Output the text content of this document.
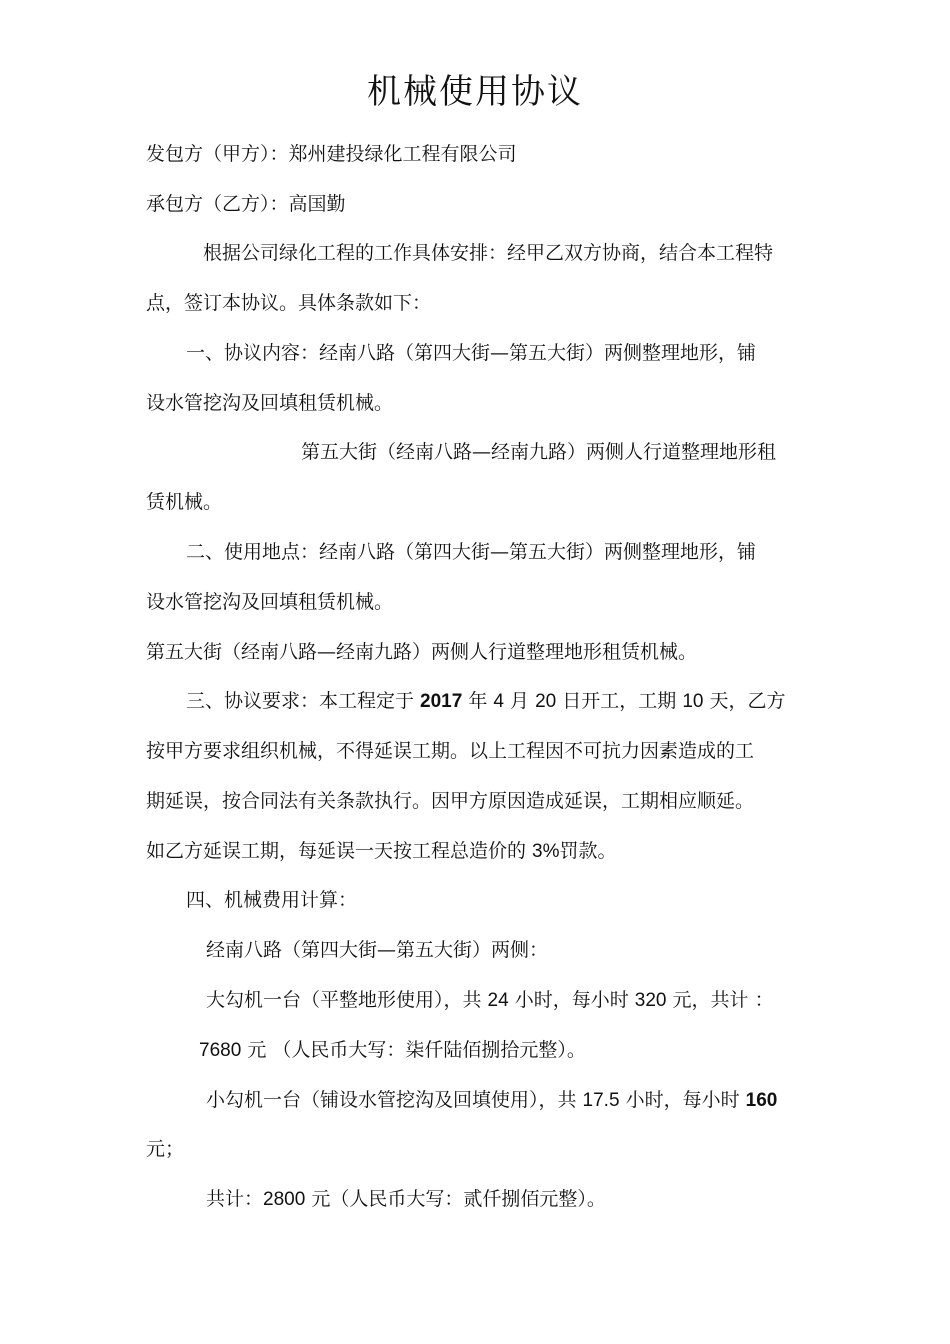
机械使用协议
发包方（甲方）：郑州建投绿化工程有限公司
承包方（乙方）：高国勤
根据公司绿化工程的工作具体安排：经甲乙双方协商，结合本工程特
点，签订本协议。具体条款如下：
一、协议内容：经南八路（第四大街—第五大街）两侧整理地形，铺
设水管挖沟及回填租赁机械。
第五大街（经南八路—经南九路）两侧人行道整理地形租
赁机械。
二、使用地点：经南八路（第四大街—第五大街）两侧整理地形，铺
设水管挖沟及回填租赁机械。
第五大街（经南八路—经南九路）两侧人行道整理地形租赁机械。
三、协议要求：本工程定于 2017 年 4 月 20 日开工，工期 10 天，乙方
按甲方要求组织机械，不得延误工期。以上工程因不可抗力因素造成的工
期延误，按合同法有关条款执行。因甲方原因造成延误，工期相应顺延。
如乙方延误工期，每延误一天按工程总造价的 3%罚款。
四、机械费用计算：
经南八路（第四大街—第五大街）两侧：
大勾机一台（平整地形使用），共 24 小时，每小时 320 元，共计 ：
7680 元 （人民币大写：柒仟陆佰捌拾元整）。
小勾机一台（铺设水管挖沟及回填使用），共 17.5 小时，每小时 160
元；
共计：2800 元（人民币大写：贰仟捌佰元整）。
